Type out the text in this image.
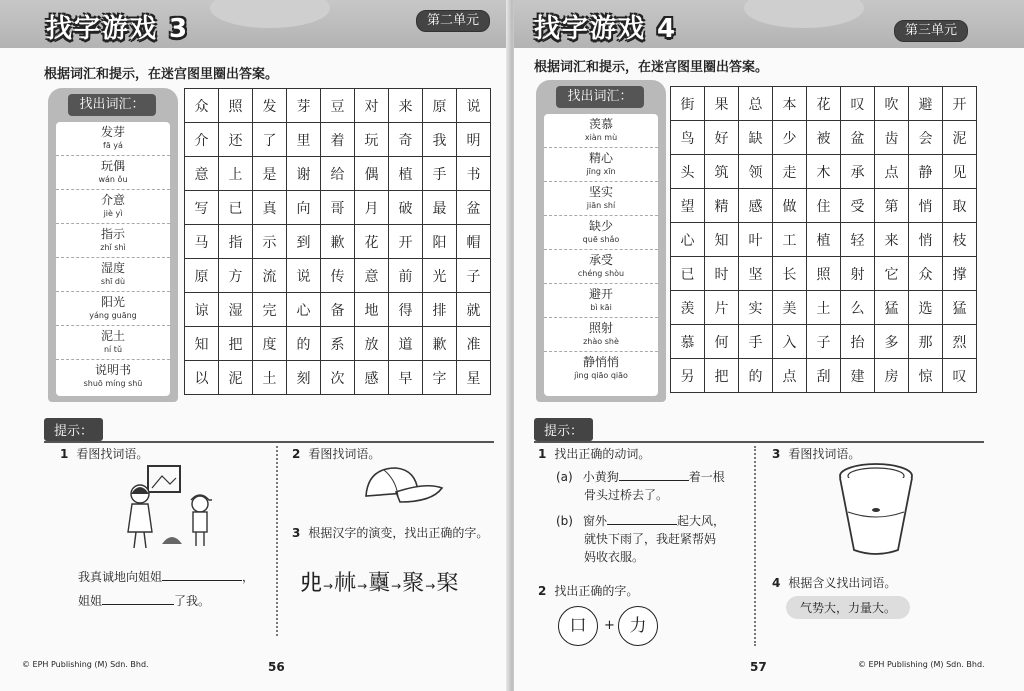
找字游戏 3	第二单元
根据词汇和提示，在迷宫图里圈出答案。
找出词汇：
发芽
fā yá
玩偶
wán ǒu
介意
jiè yì
指示
zhǐ shì
湿度
shī dù
阳光
yáng guāng
泥土
ní tǔ
说明书
shuō míng shū
众	照	发	芽	豆	对	来	原	说
介	还	了	里	着	玩	奇	我	明
意	上	是	谢	给	偶	植	手	书
写	已	真	向	哥	月	破	最	盆
马	指	示	到	歉	花	开	阳	帽
原	方	流	说	传	意	前	光	子
谅	湿	完	心	备	地	得	排	就
知	把	度	的	系	放	道	歉	准
以	泥	土	刻	次	感	早	字	星
提示：
1 看图找词语。
我真诚地向姐姐	，
姐姐	了我。
2 看图找词语。
3 根据汉字的演变，找出正确的字。
𠑹→𣏟→𣡦→聚→棸
© EPH Publishing (M) Sdn. Bhd.	56
找字游戏 4	第三单元
根据词汇和提示，在迷宫图里圈出答案。
找出词汇：
羡慕
xiàn mù
精心
jīng xīn
坚实
jiān shí
缺少
quē shǎo
承受
chéng shòu
避开
bì kāi
照射
zhào shè
静悄悄
jìng qiāo qiāo
街	果	总	本	花	叹	吹	避	开
鸟	好	缺	少	被	盆	齿	会	泥
头	筑	领	走	木	承	点	静	见
望	精	感	做	住	受	第	悄	取
心	知	叶	工	植	轻	来	悄	枝
已	时	坚	长	照	射	它	众	撑
羡	片	实	美	土	么	猛	选	猛
慕	何	手	入	子	抬	多	那	烈
另	把	的	点	刮	建	房	惊	叹
提示：
1 找出正确的动词。
(a) 小黄狗	着一根
骨头过桥去了。
(b) 窗外	起大风，
就快下雨了，我赶紧帮妈
妈收衣服。
2 找出正确的字。
口	+ 力
3 看图找词语。
4 根据含义找出词语。
气势大，力量大。
57	© EPH Publishing (M) Sdn. Bhd.
